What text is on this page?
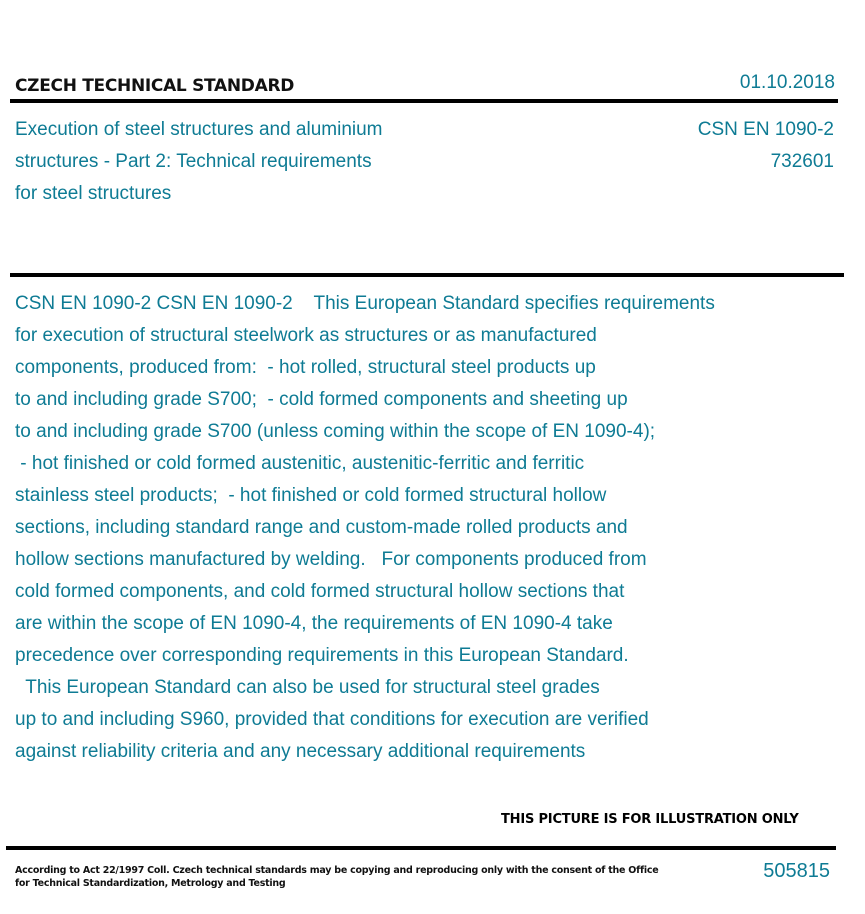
CZECH TECHNICAL STANDARD	01.10.2018
Execution of steel structures and aluminium
structures - Part 2: Technical requirements
for steel structures
CSN EN 1090-2
732601
CSN EN 1090-2 CSN EN 1090-2    This European Standard specifies requirements
for execution of structural steelwork as structures or as manufactured
components, produced from:  - hot rolled, structural steel products up
to and including grade S700;  - cold formed components and sheeting up
to and including grade S700 (unless coming within the scope of EN 1090-4);
- hot finished or cold formed austenitic, austenitic-ferritic and ferritic
stainless steel products;  - hot finished or cold formed structural hollow
sections, including standard range and custom-made rolled products and
hollow sections manufactured by welding.   For components produced from
cold formed components, and cold formed structural hollow sections that
are within the scope of EN 1090-4, the requirements of EN 1090-4 take
precedence over corresponding requirements in this European Standard.
This European Standard can also be used for structural steel grades
up to and including S960, provided that conditions for execution are verified
against reliability criteria and any necessary additional requirements
THIS PICTURE IS FOR ILLUSTRATION ONLY
According to Act 22/1997 Coll. Czech technical standards may be copying and reproducing only with the consent of the Office
for Technical Standardization, Metrology and Testing
505815
